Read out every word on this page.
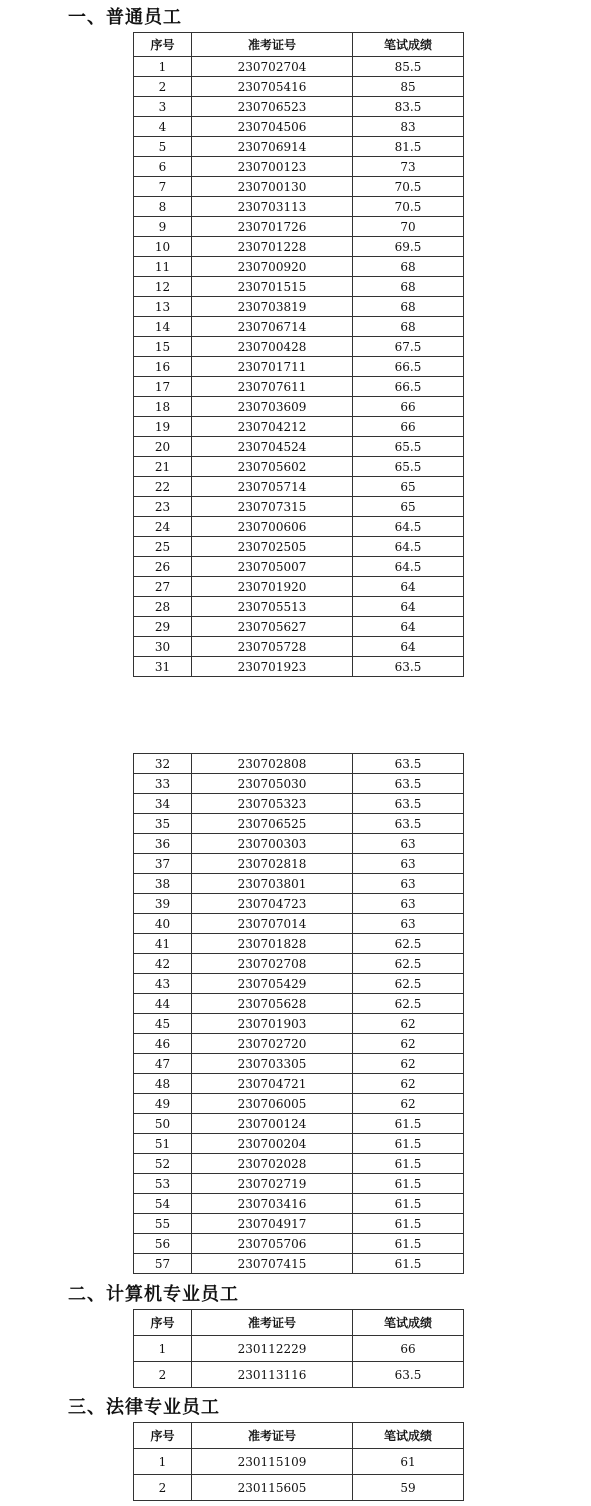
一、普通员工
序号	准考证号	笔试成绩
1	230702704	85.5
2	230705416	85
3	230706523	83.5
4	230704506	83
5	230706914	81.5
6	230700123	73
7	230700130	70.5
8	230703113	70.5
9	230701726	70
10	230701228	69.5
11	230700920	68
12	230701515	68
13	230703819	68
14	230706714	68
15	230700428	67.5
16	230701711	66.5
17	230707611	66.5
18	230703609	66
19	230704212	66
20	230704524	65.5
21	230705602	65.5
22	230705714	65
23	230707315	65
24	230700606	64.5
25	230702505	64.5
26	230705007	64.5
27	230701920	64
28	230705513	64
29	230705627	64
30	230705728	64
31	230701923	63.5
32	230702808	63.5
33	230705030	63.5
34	230705323	63.5
35	230706525	63.5
36	230700303	63
37	230702818	63
38	230703801	63
39	230704723	63
40	230707014	63
41	230701828	62.5
42	230702708	62.5
43	230705429	62.5
44	230705628	62.5
45	230701903	62
46	230702720	62
47	230703305	62
48	230704721	62
49	230706005	62
50	230700124	61.5
51	230700204	61.5
52	230702028	61.5
53	230702719	61.5
54	230703416	61.5
55	230704917	61.5
56	230705706	61.5
57	230707415	61.5
二、计算机专业员工
序号	准考证号	笔试成绩
1	230112229	66
2	230113116	63.5
三、法律专业员工
序号	准考证号	笔试成绩
1	230115109	61
2	230115605	59
